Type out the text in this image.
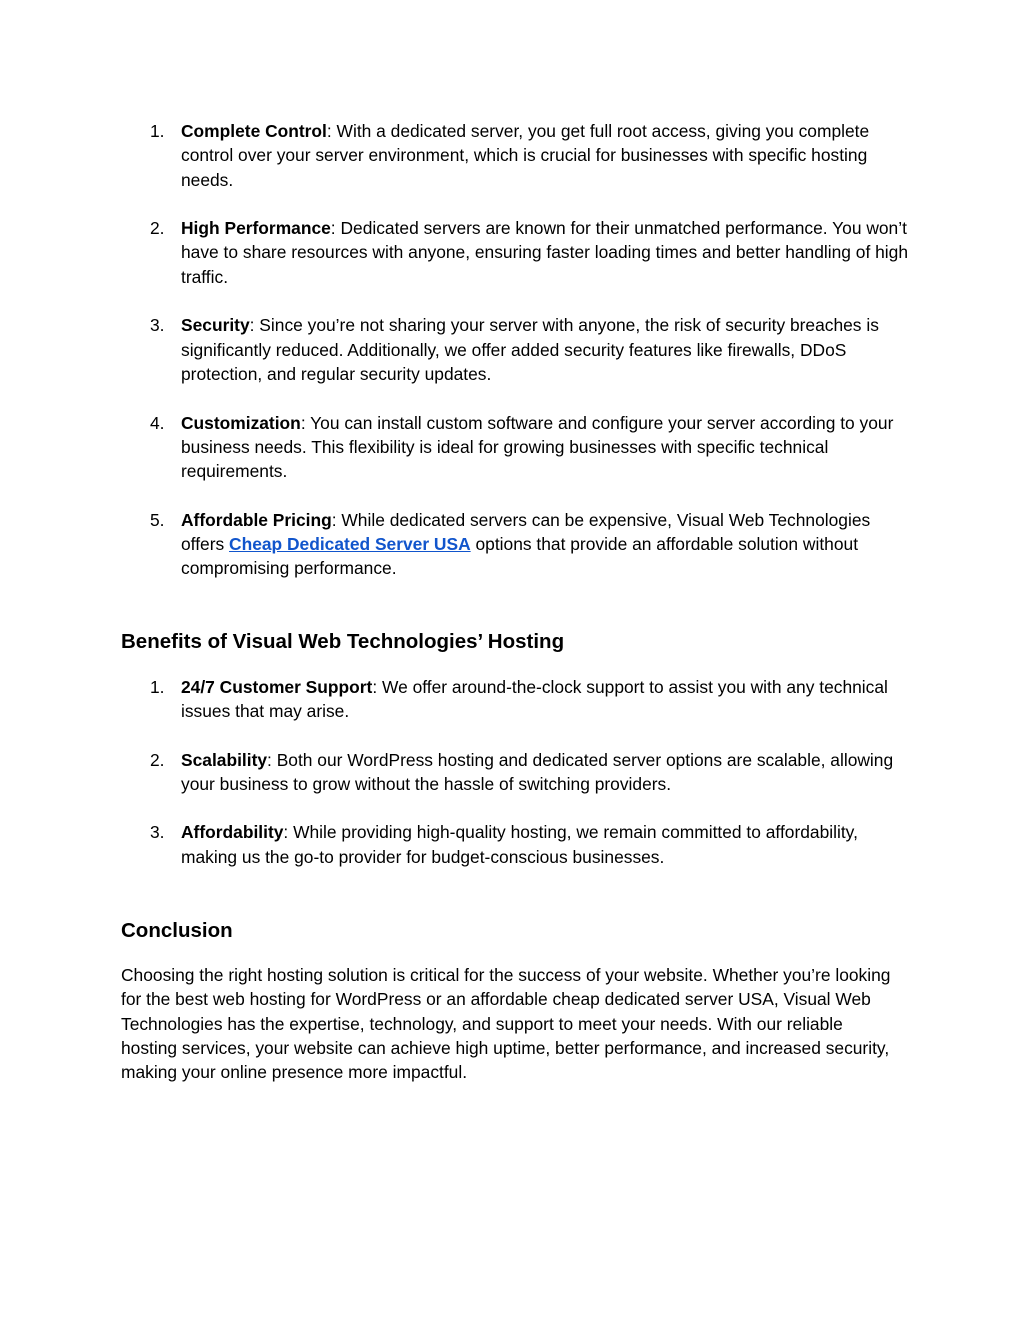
1. Complete Control: With a dedicated server, you get full root access, giving you complete control over your server environment, which is crucial for businesses with specific hosting needs.
2. High Performance: Dedicated servers are known for their unmatched performance. You won’t have to share resources with anyone, ensuring faster loading times and better handling of high traffic.
3. Security: Since you’re not sharing your server with anyone, the risk of security breaches is significantly reduced. Additionally, we offer added security features like firewalls, DDoS protection, and regular security updates.
4. Customization: You can install custom software and configure your server according to your business needs. This flexibility is ideal for growing businesses with specific technical requirements.
5. Affordable Pricing: While dedicated servers can be expensive, Visual Web Technologies offers Cheap Dedicated Server USA options that provide an affordable solution without compromising performance.
Benefits of Visual Web Technologies’ Hosting
1. 24/7 Customer Support: We offer around-the-clock support to assist you with any technical issues that may arise.
2. Scalability: Both our WordPress hosting and dedicated server options are scalable, allowing your business to grow without the hassle of switching providers.
3. Affordability: While providing high-quality hosting, we remain committed to affordability, making us the go-to provider for budget-conscious businesses.
Conclusion

Choosing the right hosting solution is critical for the success of your website. Whether you’re looking for the best web hosting for WordPress or an affordable cheap dedicated server USA, Visual Web Technologies has the expertise, technology, and support to meet your needs. With our reliable hosting services, your website can achieve high uptime, better performance, and increased security, making your online presence more impactful.
